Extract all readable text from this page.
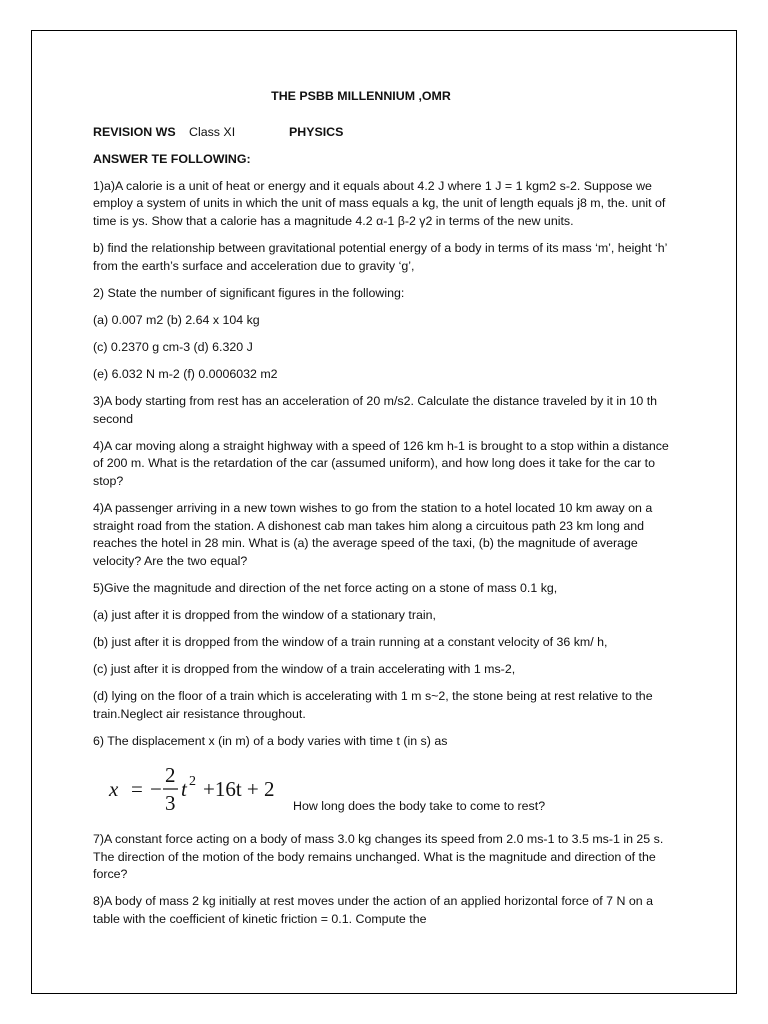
THE PSBB MILLENNIUM ,OMR
REVISION WS Class XI	PHYSICS
ANSWER TE FOLLOWING:
1)a)A calorie is a unit of heat or energy and it equals about 4.2 J where 1 J = 1 kgm2 s-2. Suppose we employ a system of units in which the unit of mass equals a kg, the unit of length equals j8 m, the. unit of time is ys. Show that a calorie has a magnitude 4.2 α-1 β-2 γ2 in terms of the new units.
b) find the relationship between gravitational potential energy of a body in terms of its mass ‘m’, height ‘h’ from the earth’s surface and acceleration due to gravity ‘g’,
2) State the number of significant figures in the following:
(a) 0.007 m2 (b) 2.64 x 104 kg
(c) 0.2370 g cm-3 (d) 6.320 J
(e) 6.032 N m-2 (f) 0.0006032 m2
3)A body starting from rest has an acceleration of 20 m/s2. Calculate the distance traveled by it in 10 th second
4)A car moving along a straight highway with a speed of 126 km h-1 is brought to a stop within a distance of 200 m. What is the retardation of the car (assumed uniform), and how long does it take for the car to stop?
4)A passenger arriving in a new town wishes to go from the station to a hotel located 10 km away on a straight road from the station. A dishonest cab man takes him along a circuitous path 23 km long and reaches the hotel in 28 min. What is (a) the average speed of the taxi, (b) the magnitude of average velocity? Are the two equal?
5)Give the magnitude and direction of the net force acting on a stone of mass 0.1 kg,
(a) just after it is dropped from the window of a stationary train,
(b) just after it is dropped from the window of a train running at a constant velocity of 36 km/ h,
(c) just after it is dropped from the window of a train accelerating with 1 ms-2,
(d) lying on the floor of a train which is accelerating with 1 m s~2, the stone being at rest relative to the train.Neglect air resistance throughout.
6) The displacement x (in m) of a body varies with time t (in s) as
x = −
2
3
t 2 +16t + 2
How long does the body take to come to rest?
7)A constant force acting on a body of mass 3.0 kg changes its speed from 2.0 ms-1 to 3.5 ms-1 in 25 s. The direction of the motion of the body remains unchanged. What is the magnitude and direction of the force?
8)A body of mass 2 kg initially at rest moves under the action of an applied horizontal force of 7 N on a table with the coefficient of kinetic friction = 0.1. Compute the
